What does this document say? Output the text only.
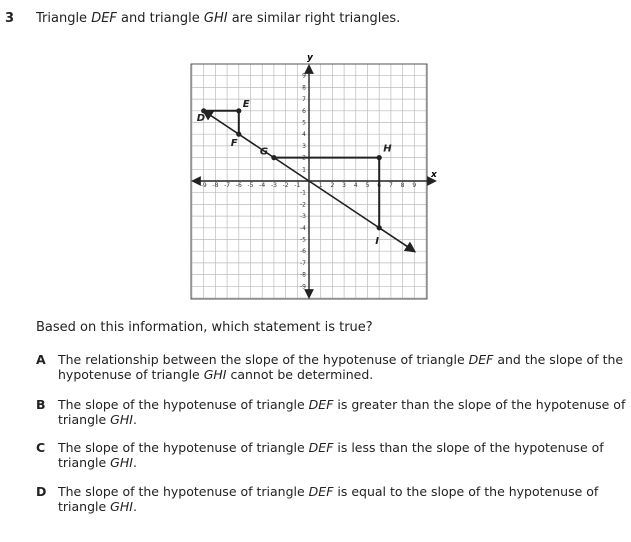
3 Triangle DEF and triangle GHI are similar right triangles.
x
y
-9 -8 -7 -6 -5 -4 -3 -2 -1	1 2 3 4 5 6 7 8 9
9
8
7
6
5
4
3
2
1
-1
-2
-3
-4
-5
-6
-7
-8
-9
D
E
F
G	H
I
Based on this information, which statement is true?
A The relationship between the slope of the hypotenuse of triangle DEF and the slope of the hypotenuse of triangle GHI cannot be determined.
B The slope of the hypotenuse of triangle DEF is greater than the slope of the hypotenuse of triangle GHI.
C The slope of the hypotenuse of triangle DEF is less than the slope of the hypotenuse of triangle GHI.
D The slope of the hypotenuse of triangle DEF is equal to the slope of the hypotenuse of triangle GHI.
